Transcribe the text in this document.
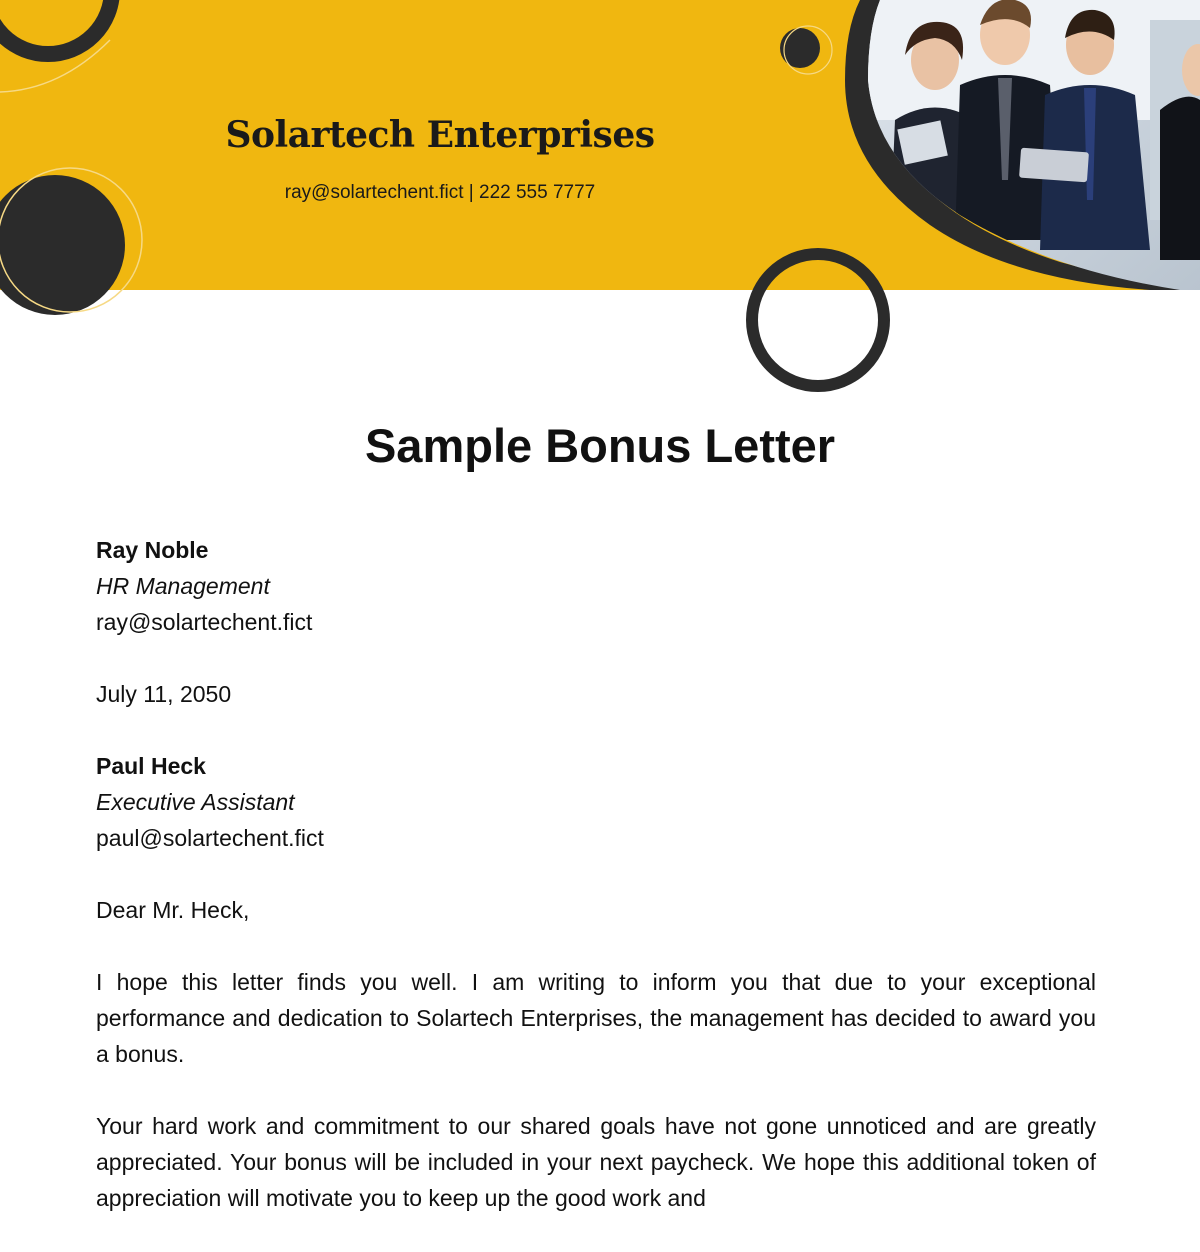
Solartech Enterprises
ray@solartechent.fict | 222 555 7777
Sample Bonus Letter
Ray Noble
HR Management
ray@solartechent.fict
July 11, 2050
Paul Heck
Executive Assistant
paul@solartechent.fict
Dear Mr. Heck,

I hope this letter finds you well. I am writing to inform you that due to your exceptional performance and dedication to Solartech Enterprises, the management has decided to award you a bonus.

Your hard work and commitment to our shared goals have not gone unnoticed and are greatly appreciated. Your bonus will be included in your next paycheck. We hope this additional token of appreciation will motivate you to keep up the good work and
